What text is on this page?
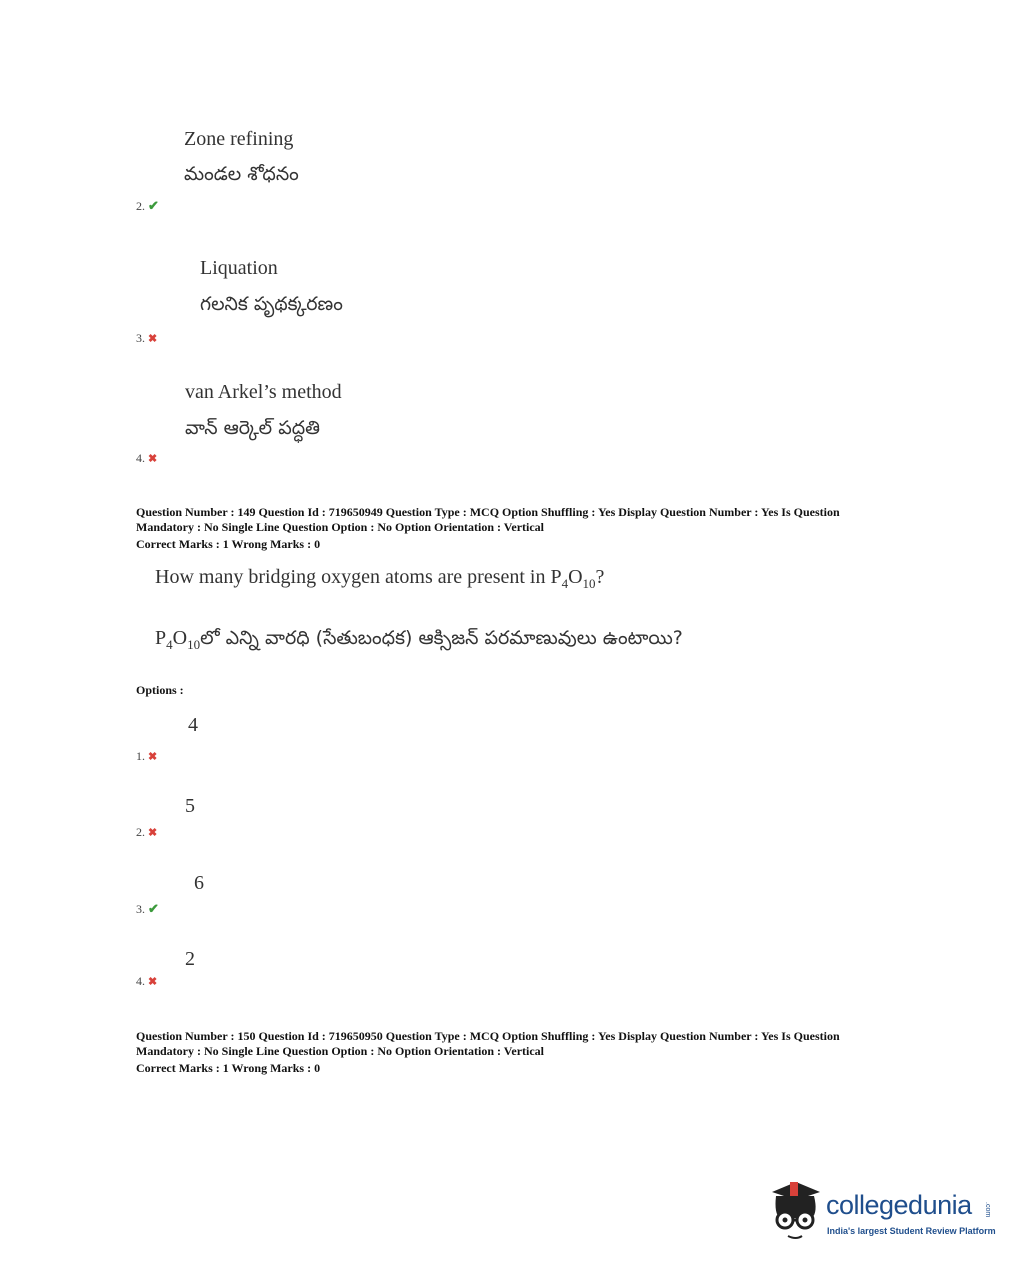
Zone refining
మండల శోధనం
2. ✔
Liquation
గలనిక పృథక్కరణం
3. ✖
van Arkel’s method
వాన్ ఆర్కెల్ పద్ధతి
4. ✖
Question Number : 149 Question Id : 719650949 Question Type : MCQ Option Shuffling : Yes Display Question Number : Yes Is Question
Mandatory : No Single Line Question Option : No Option Orientation : Vertical
Correct Marks : 1 Wrong Marks : 0
How many bridging oxygen atoms are present in $P_4O_{10}$?
$P_4O_{10}లో$ ఎన్ని వారధి (సేతుబంధక) ఆక్సిజన్ పరమాణువులు ఉంటాయి?
Options :
4
1. ✖
5
2. ✖
6
3. ✔
2
4. ✖
Question Number : 150 Question Id : 719650950 Question Type : MCQ Option Shuffling : Yes Display Question Number : Yes Is Question
Mandatory : No Single Line Question Option : No Option Orientation : Vertical
Correct Marks : 1 Wrong Marks : 0
collegedunia .com
India's largest Student Review Platform
